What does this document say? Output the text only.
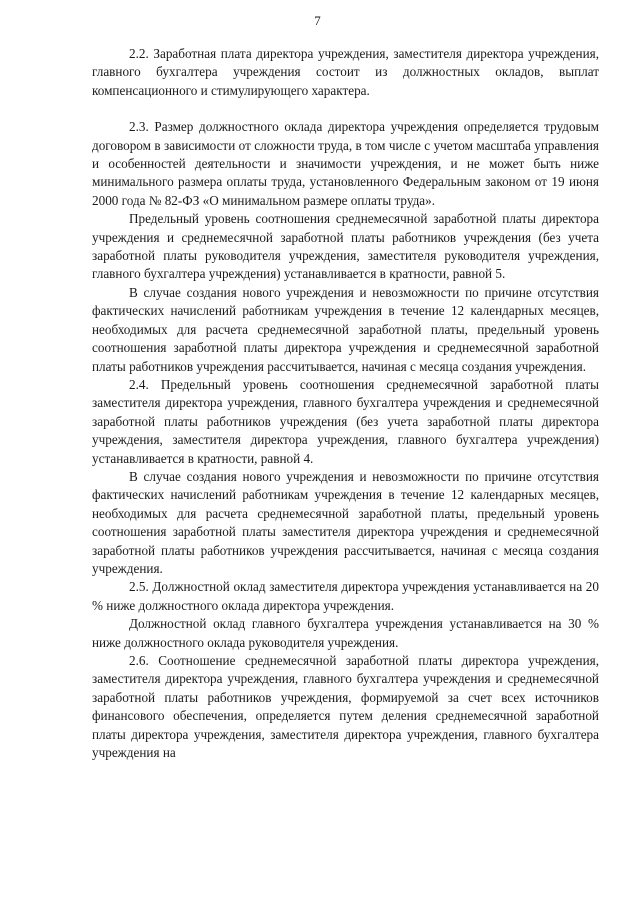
7

2.2. Заработная плата директора учреждения, заместителя директора учреждения, главного бухгалтера учреждения состоит из должностных окладов, выплат компенсационного и стимулирующего характера.

2.3. Размер должностного оклада директора учреждения определяется трудовым договором в зависимости от сложности труда, в том числе с учетом масштаба управления и особенностей деятельности и значимости учреждения, и не может быть ниже минимального размера оплаты труда, установленного Федеральным законом от 19 июня 2000 года № 82-ФЗ «О минимальном размере оплаты труда».

Предельный уровень соотношения среднемесячной заработной платы директора учреждения и среднемесячной заработной платы работников учреждения (без учета заработной платы руководителя учреждения, заместителя руководителя учреждения, главного бухгалтера учреждения) устанавливается в кратности, равной 5.

В случае создания нового учреждения и невозможности по причине отсутствия фактических начислений работникам учреждения в течение 12 календарных месяцев, необходимых для расчета среднемесячной заработной платы, предельный уровень соотношения заработной платы директора учреждения и среднемесячной заработной платы работников учреждения рассчитывается, начиная с месяца создания учреждения.

2.4. Предельный уровень соотношения среднемесячной заработной платы заместителя директора учреждения, главного бухгалтера учреждения и среднемесячной заработной платы работников учреждения (без учета заработной платы директора учреждения, заместителя директора учреждения, главного бухгалтера учреждения) устанавливается в кратности, равной 4.

В случае создания нового учреждения и невозможности по причине отсутствия фактических начислений работникам учреждения в течение 12 календарных месяцев, необходимых для расчета среднемесячной заработной платы, предельный уровень соотношения заработной платы заместителя директора учреждения и среднемесячной заработной платы работников учреждения рассчитывается, начиная с месяца создания учреждения.

2.5. Должностной оклад заместителя директора учреждения устанавливается на 20 % ниже должностного оклада директора учреждения.

Должностной оклад главного бухгалтера учреждения устанавливается на 30 % ниже должностного оклада руководителя учреждения.

2.6. Соотношение среднемесячной заработной платы директора учреждения, заместителя директора учреждения, главного бухгалтера учреждения и среднемесячной заработной платы работников учреждения, формируемой за счет всех источников финансового обеспечения, определяется путем деления среднемесячной заработной платы директора учреждения, заместителя директора учреждения, главного бухгалтера учреждения на
